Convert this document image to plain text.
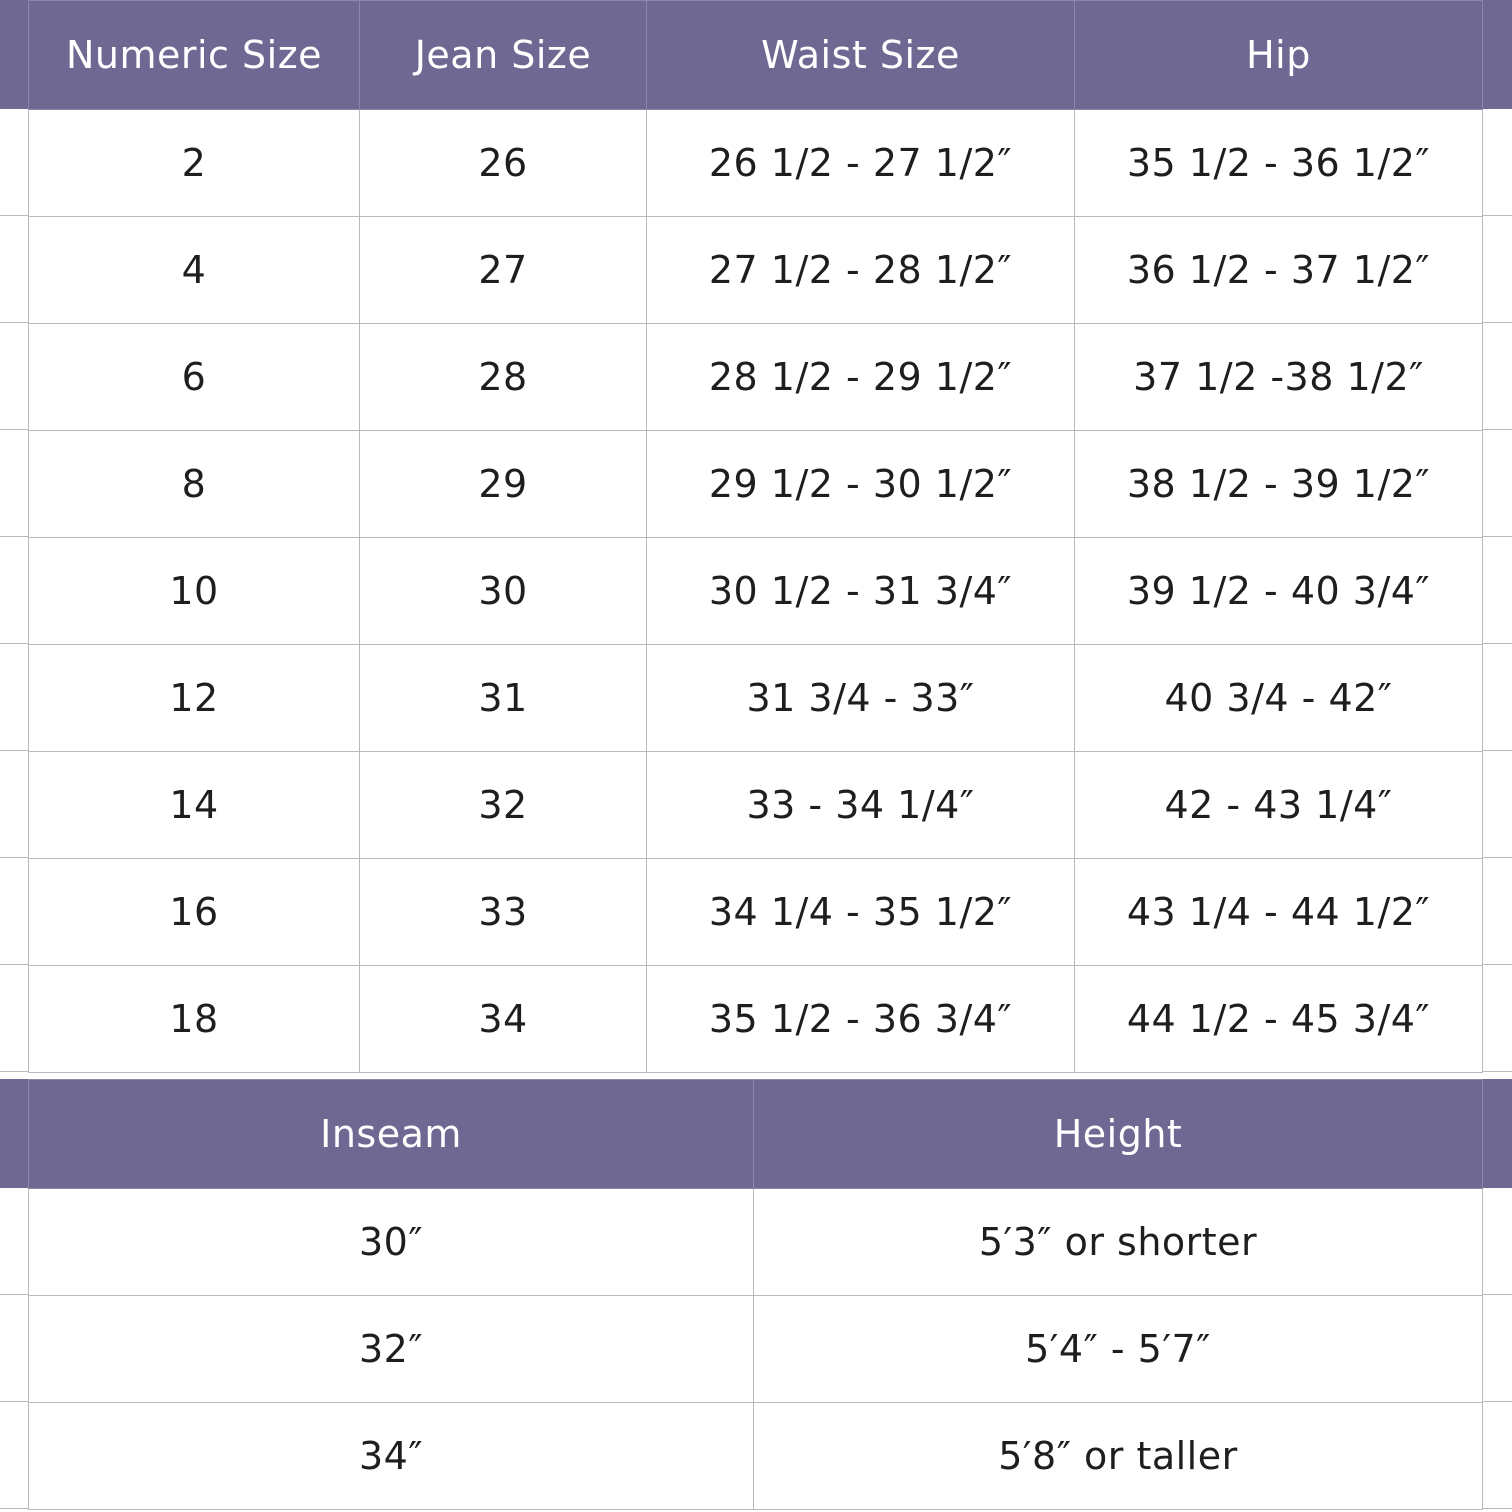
Numeric Size	Jean Size	Waist Size	Hip
2	26	26 1/2 - 27 1/2″	35 1/2 - 36 1/2″
4	27	27 1/2 - 28 1/2″	36 1/2 - 37 1/2″
6	28	28 1/2 - 29 1/2″	37 1/2 -38 1/2″
8	29	29 1/2 - 30 1/2″	38 1/2 - 39 1/2″
10	30	30 1/2 - 31 3/4″	39 1/2 - 40 3/4″
12	31	31 3/4 - 33″	40 3/4 - 42″
14	32	33 - 34 1/4″	42 - 43 1/4″
16	33	34 1/4 - 35 1/2″	43 1/4 - 44 1/2″
18	34	35 1/2 - 36 3/4″	44 1/2 - 45 3/4″
Inseam	Height
30″	5′3″ or shorter
32″	5′4″ - 5′7″
34″	5′8″ or taller
